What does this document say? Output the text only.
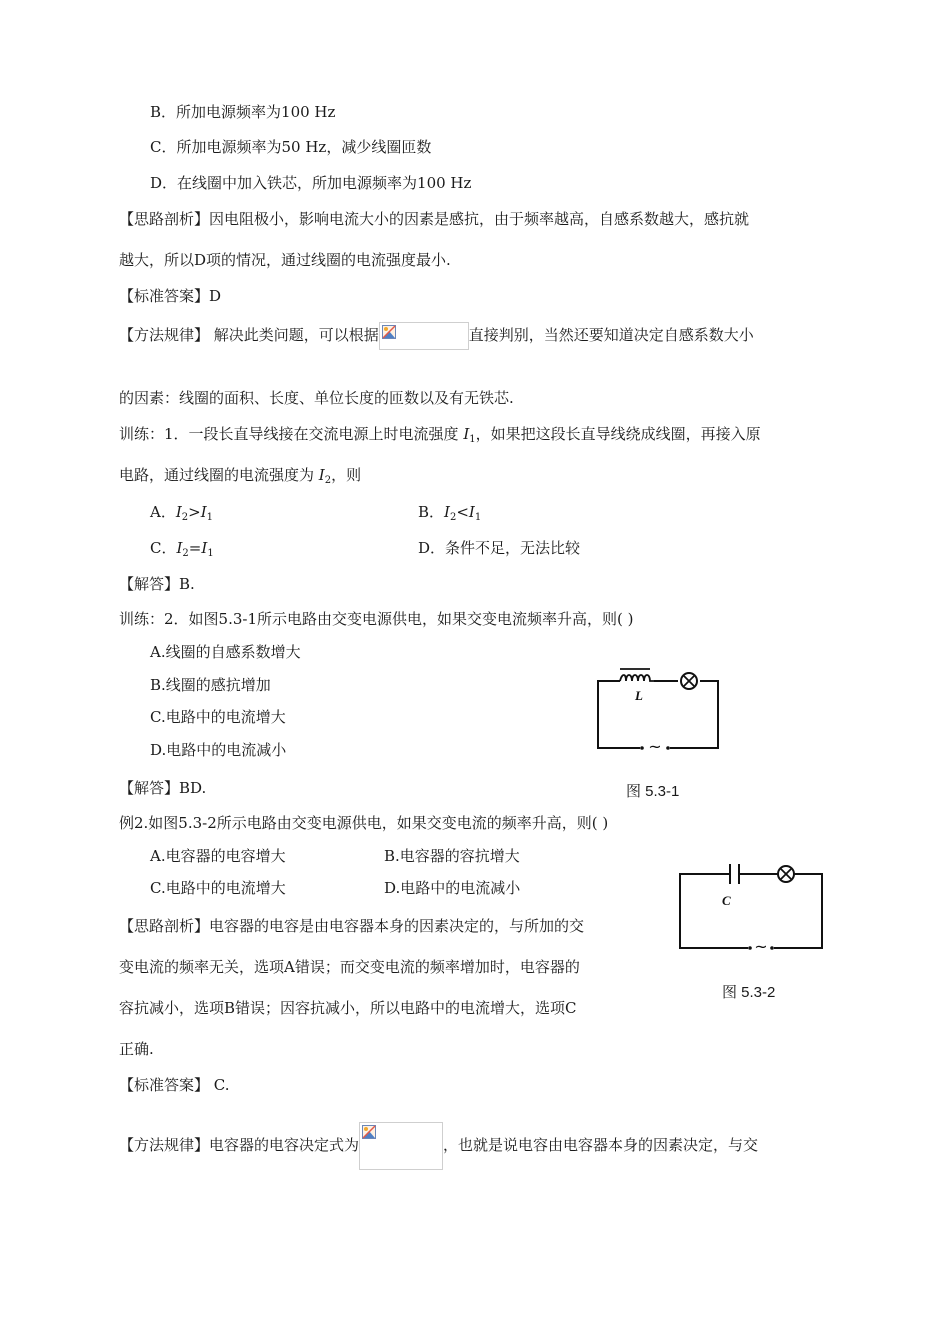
B．所加电源频率为100 Hz
C．所加电源频率为50 Hz，减少线圈匝数
D．在线圈中加入铁芯，所加电源频率为100 Hz
【思路剖析】因电阻极小，影响电流大小的因素是感抗，由于频率越高，自感系数越大，感抗就
越大，所以D项的情况，通过线圈的电流强度最小.
【标准答案】D
【方法规律】 解决此类问题，可以根据	直接判别，当然还要知道决定自感系数大小
的因素：线圈的面积、长度、单位长度的匝数以及有无铁芯.
训练：1．一段长直导线接在交流电源上时电流强度 $I_1$，如果把这段长直导线绕成线圈，再接入原
电路，通过线圈的电流强度为 $I_2$，则
A．$I_2>I_1$	B．$I_2<I_1$
C．$I_2=I_1$	D．条件不足，无法比较
【解答】B.
训练：2．如图5.3-1所示电路由交变电源供电，如果交变电流频率升高，则( )
A.线圈的自感系数增大
B.线圈的感抗增加
C.电路中的电流增大
D.电路中的电流减小
【解答】BD.
~
L
图 5.3-1
例2.如图5.3-2所示电路由交变电源供电，如果交变电流的频率升高，则( )
A.电容器的电容增大	B.电容器的容抗增大
C.电路中的电流增大	D.电路中的电流减小
【思路剖析】电容器的电容是由电容器本身的因素决定的，与所加的交
变电流的频率无关，选项A错误；而交变电流的频率增加时，电容器的
容抗减小，选项B错误；因容抗减小，所以电路中的电流增大，选项C
正确.
【标准答案】 C.
【方法规律】电容器的电容决定式为	，也就是说电容由电容器本身的因素决定，与交
~
C
图 5.3-2
